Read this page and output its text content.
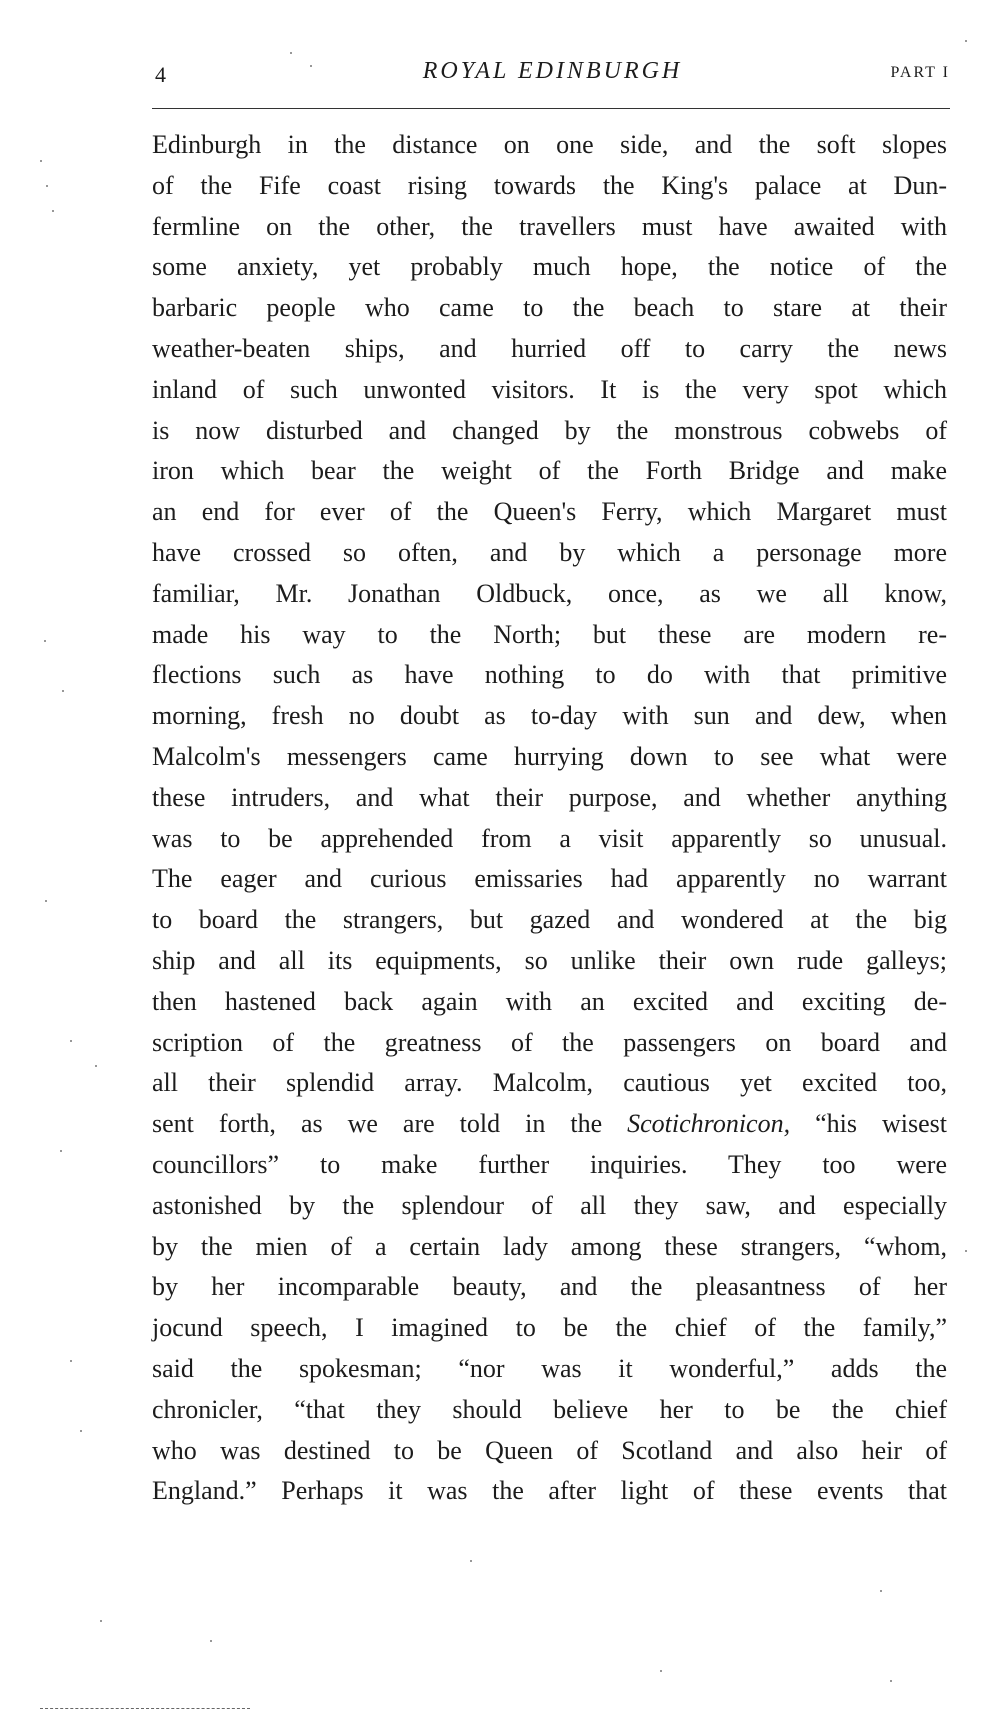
4	ROYAL EDINBURGH	PART I
Edinburgh in the distance on one side, and the soft slopes
of the Fife coast rising towards the King's palace at Dun-
fermline on the other, the travellers must have awaited with
some anxiety, yet probably much hope, the notice of the
barbaric people who came to the beach to stare at their
weather-beaten ships, and hurried off to carry the news
inland of such unwonted visitors. It is the very spot which
is now disturbed and changed by the monstrous cobwebs of
iron which bear the weight of the Forth Bridge and make
an end for ever of the Queen's Ferry, which Margaret must
have crossed so often, and by which a personage more
familiar, Mr. Jonathan Oldbuck, once, as we all know,
made his way to the North; but these are modern re-
flections such as have nothing to do with that primitive
morning, fresh no doubt as to-day with sun and dew, when
Malcolm's messengers came hurrying down to see what were
these intruders, and what their purpose, and whether anything
was to be apprehended from a visit apparently so unusual.
The eager and curious emissaries had apparently no warrant
to board the strangers, but gazed and wondered at the big
ship and all its equipments, so unlike their own rude galleys;
then hastened back again with an excited and exciting de-
scription of the greatness of the passengers on board and
all their splendid array. Malcolm, cautious yet excited too,
sent forth, as we are told in the Scotichronicon, “his wisest
councillors” to make further inquiries. They too were
astonished by the splendour of all they saw, and especially
by the mien of a certain lady among these strangers, “whom,
by her incomparable beauty, and the pleasantness of her
jocund speech, I imagined to be the chief of the family,”
said the spokesman; “nor was it wonderful,” adds the
chronicler, “that they should believe her to be the chief
who was destined to be Queen of Scotland and also heir of
England.” Perhaps it was the after light of these events that
